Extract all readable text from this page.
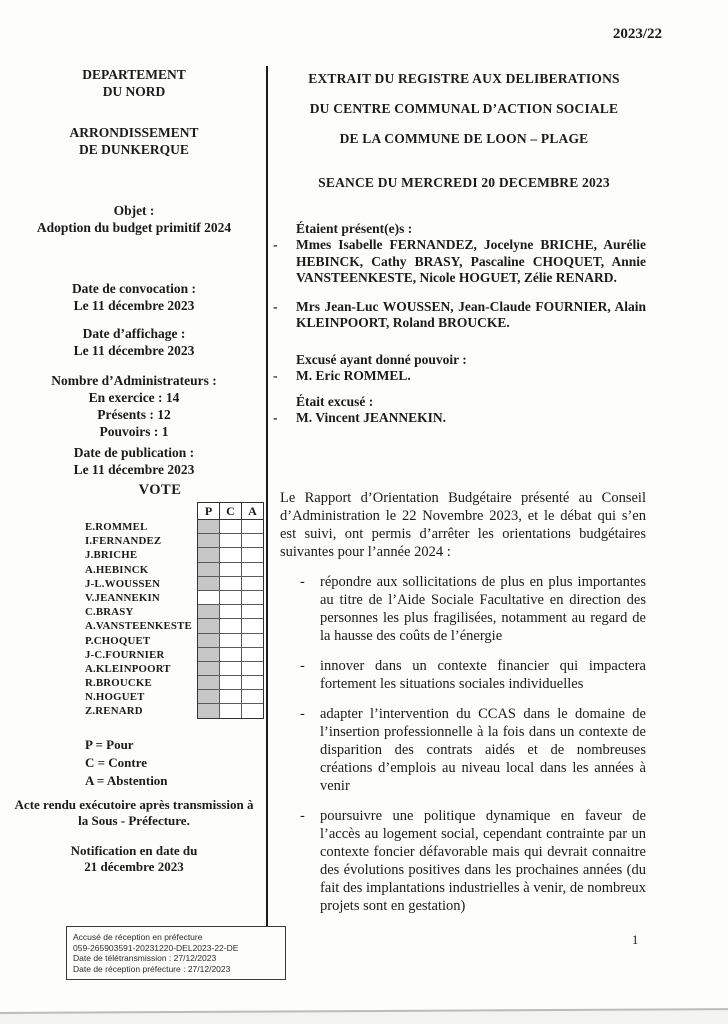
2023/22
DEPARTEMENT
DU NORD
ARRONDISSEMENT
DE DUNKERQUE
Objet :
Adoption du budget primitif 2024
Date de convocation :
Le 11 décembre 2023
Date d’affichage :
Le 11 décembre 2023
Nombre d’Administrateurs :
En exercice : 14
Présents : 12
Pouvoirs : 1
Date de publication :
Le 11 décembre 2023
VOTE
E.ROMMEL
I.FERNANDEZ
J.BRICHE
A.HEBINCK
J-L.WOUSSEN
V.JEANNEKIN
C.BRASY
A.VANSTEENKESTE
P.CHOQUET
J-C.FOURNIER
A.KLEINPOORT
R.BROUCKE
N.HOGUET
Z.RENARD
P	C	A
P = Pour
C = Contre
A = Abstention
Acte rendu exécutoire après transmission à la Sous - Préfecture.
Notification en date du
21 décembre 2023
EXTRAIT DU REGISTRE AUX DELIBERATIONS
DU CENTRE COMMUNAL D’ACTION SOCIALE
DE LA COMMUNE DE LOON – PLAGE
SEANCE DU MERCREDI 20 DECEMBRE 2023
Étaient présent(e)s :
- Mmes Isabelle FERNANDEZ, Jocelyne BRICHE, Aurélie HEBINCK, Cathy BRASY, Pascaline CHOQUET, Annie VANSTEENKESTE, Nicole HOGUET, Zélie RENARD.
- Mrs Jean-Luc WOUSSEN, Jean-Claude FOURNIER, Alain KLEINPOORT, Roland BROUCKE.
Excusé ayant donné pouvoir :
- M. Eric ROMMEL.
Était excusé :
- M. Vincent JEANNEKIN.
Le Rapport d’Orientation Budgétaire présenté au Conseil d’Administration le 22 Novembre 2023, et le débat qui s’en est suivi, ont permis d’arrêter les orientations budgétaires suivantes pour l’année 2024 :
- répondre aux sollicitations de plus en plus importantes au titre de l’Aide Sociale Facultative en direction des personnes les plus fragilisées, notamment au regard de la hausse des coûts de l’énergie
- innover dans un contexte financier qui impactera fortement les situations sociales individuelles
- adapter l’intervention du CCAS dans le domaine de l’insertion professionnelle à la fois dans un contexte de disparition des contrats aidés et de nombreuses créations d’emplois au niveau local dans les années à venir
- poursuivre une politique dynamique en faveur de l’accès au logement social, cependant contrainte par un contexte foncier défavorable mais qui devrait connaitre des évolutions positives dans les prochaines années (du fait des implantations industrielles à venir, de nombreux projets sont en gestation)
Accusé de réception en préfecture
059-265903591-20231220-DEL2023-22-DE
Date de télétransmission : 27/12/2023
Date de réception préfecture : 27/12/2023
1
